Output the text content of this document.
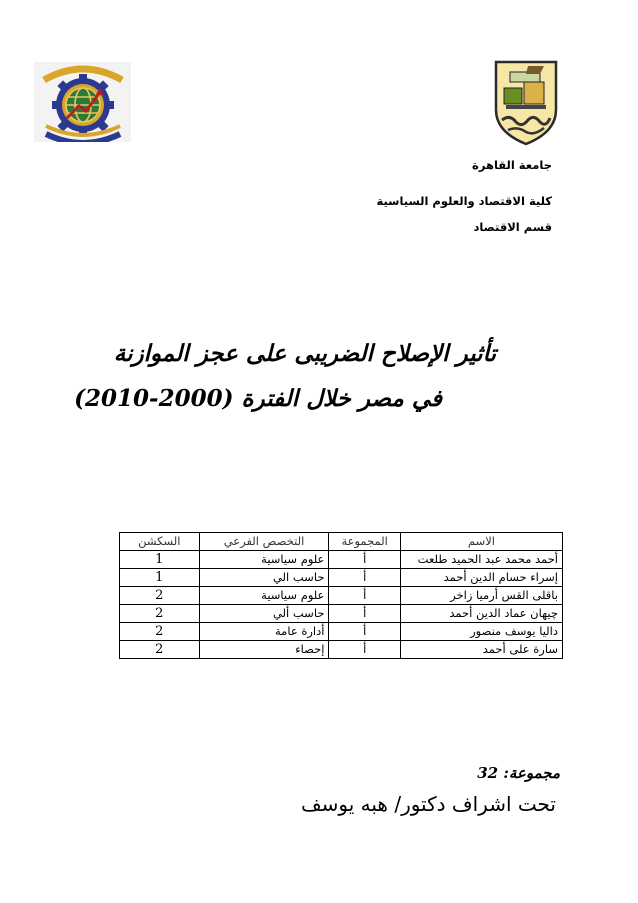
جامعة القاهرة
كلية الاقتصاد والعلوم السياسية
قسم الاقتصاد
تأثير الإصلاح الضريبى على عجز الموازنة
في مصر خلال الفترة (2000-2010)
الاسم	المجموعة	التخصص الفرعي	السكشن
أحمد محمد عبد الحميد طلعت	أ	علوم سياسية	1
إسراء حسام الدين أحمد	أ	حاسب الي	1
باقلى القس أرميا زاخر	أ	علوم سياسية	2
چيهان عماد الدين أحمد	أ	حاسب ألي	2
داليا يوسف منصور	أ	أدارة عامة	2
سارة على أحمد	أ	إحصاء	2
مجموعة: 32
تحت اشراف دكتور/ هبه يوسف
